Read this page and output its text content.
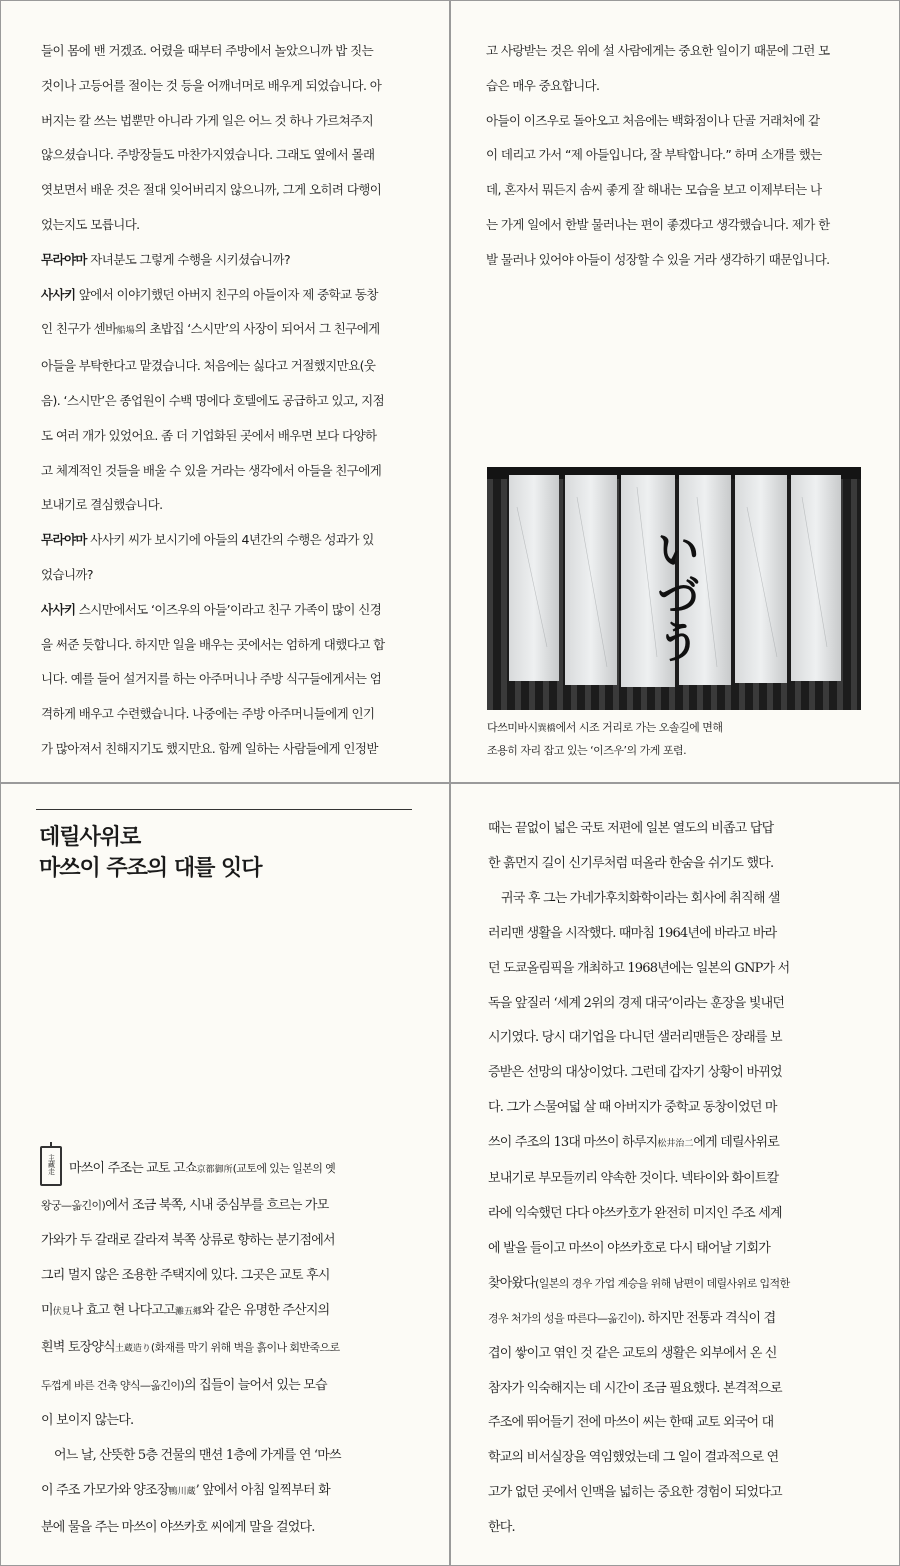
들이 몸에 밴 거겠죠. 어렸을 때부터 주방에서 놀았으니까 밥 짓는

것이나 고등어를 절이는 것 등을 어깨너머로 배우게 되었습니다. 아

버지는 칼 쓰는 법뿐만 아니라 가게 일은 어느 것 하나 가르쳐주지

않으셨습니다. 주방장들도 마찬가지였습니다. 그래도 옆에서 몰래

엿보면서 배운 것은 절대 잊어버리지 않으니까, 그게 오히려 다행이

었는지도 모릅니다.

무라야마 자녀분도 그렇게 수행을 시키셨습니까?

사사키 앞에서 이야기했던 아버지 친구의 아들이자 제 중학교 동창

인 친구가 센바船場의 초밥집 ‘스시만’의 사장이 되어서 그 친구에게

아들을 부탁한다고 맡겼습니다. 처음에는 싫다고 거절했지만요(웃

음). ‘스시만’은 종업원이 수백 명에다 호텔에도 공급하고 있고, 지점

도 여러 개가 있었어요. 좀 더 기업화된 곳에서 배우면 보다 다양하

고 체계적인 것들을 배울 수 있을 거라는 생각에서 아들을 친구에게

보내기로 결심했습니다.

무라야마 사사키 씨가 보시기에 아들의 4년간의 수행은 성과가 있

었습니까?

사사키 스시만에서도 ‘이즈우의 아들’이라고 친구 가족이 많이 신경

을 써준 듯합니다. 하지만 일을 배우는 곳에서는 엄하게 대했다고 합

니다. 예를 들어 설거지를 하는 아주머니나 주방 식구들에게서는 엄

격하게 배우고 수련했습니다. 나중에는 주방 아주머니들에게 인기

가 많아져서 친해지기도 했지만요. 함께 일하는 사람들에게 인정받

고 사랑받는 것은 위에 설 사람에게는 중요한 일이기 때문에 그런 모

습은 매우 중요합니다.

아들이 이즈우로 돌아오고 처음에는 백화점이나 단골 거래처에 같

이 데리고 가서 “제 아들입니다, 잘 부탁합니다.” 하며 소개를 했는

데, 혼자서 뭐든지 솜씨 좋게 잘 해내는 모습을 보고 이제부터는 나

는 가게 일에서 한발 물러나는 편이 좋겠다고 생각했습니다. 제가 한

발 물러나 있어야 아들이 성장할 수 있을 거라 생각하기 때문입니다.

いづう

다쓰미바시巽橋에서 시조 거리로 가는 오솔길에 면해

조용히 자리 잡고 있는 ‘이즈우’의 가게 포렴.

데릴사위로
마쓰이 주조의 대를 잇다
主藏走	마쓰이 주조는 교토 고쇼京都御所(교토에 있는 일본의 옛

왕궁—옮긴이)에서 조금 북쪽, 시내 중심부를 흐르는 가모

가와가 두 갈래로 갈라져 북쪽 상류로 향하는 분기점에서

그리 멀지 않은 조용한 주택지에 있다. 그곳은 교토 후시

미伏見나 효고 현 나다고고灘五郷와 같은 유명한 주산지의

흰벽 토장양식土蔵造り(화재를 막기 위해 벽을 흙이나 회반죽으로

두껍게 바른 건축 양식—옮긴이)의 집들이 늘어서 있는 모습

이 보이지 않는다.

어느 날, 산뜻한 5층 건물의 맨션 1층에 가게를 연 ‘마쓰

이 주조 가모가와 양조장鴨川蔵’ 앞에서 아침 일찍부터 화

분에 물을 주는 마쓰이 야쓰카호 씨에게 말을 걸었다.

때는 끝없이 넓은 국토 저편에 일본 열도의 비좁고 답답

한 흙먼지 길이 신기루처럼 떠올라 한숨을 쉬기도 했다.

귀국 후 그는 가네가후치화학이라는 회사에 취직해 샐

러리맨 생활을 시작했다. 때마침 1964년에 바라고 바라

던 도쿄올림픽을 개최하고 1968년에는 일본의 GNP가 서

독을 앞질러 ‘세계 2위의 경제 대국’이라는 훈장을 빛내던

시기였다. 당시 대기업을 다니던 샐러리맨들은 장래를 보

증받은 선망의 대상이었다. 그런데 갑자기 상황이 바뀌었

다. 그가 스물여덟 살 때 아버지가 중학교 동창이었던 마

쓰이 주조의 13대 마쓰이 하루지松井治二에게 데릴사위로

보내기로 부모들끼리 약속한 것이다. 넥타이와 화이트칼

라에 익숙했던 다다 야쓰카호가 완전히 미지인 주조 세계

에 발을 들이고 마쓰이 야쓰카호로 다시 태어날 기회가

찾아왔다(일본의 경우 가업 계승을 위해 남편이 데릴사위로 입적한

경우 처가의 성을 따른다—옮긴이). 하지만 전통과 격식이 겹

겹이 쌓이고 엮인 것 같은 교토의 생활은 외부에서 온 신

참자가 익숙해지는 데 시간이 조금 필요했다. 본격적으로

주조에 뛰어들기 전에 마쓰이 씨는 한때 교토 외국어 대

학교의 비서실장을 역임했었는데 그 일이 결과적으로 연

고가 없던 곳에서 인맥을 넓히는 중요한 경험이 되었다고

한다.
